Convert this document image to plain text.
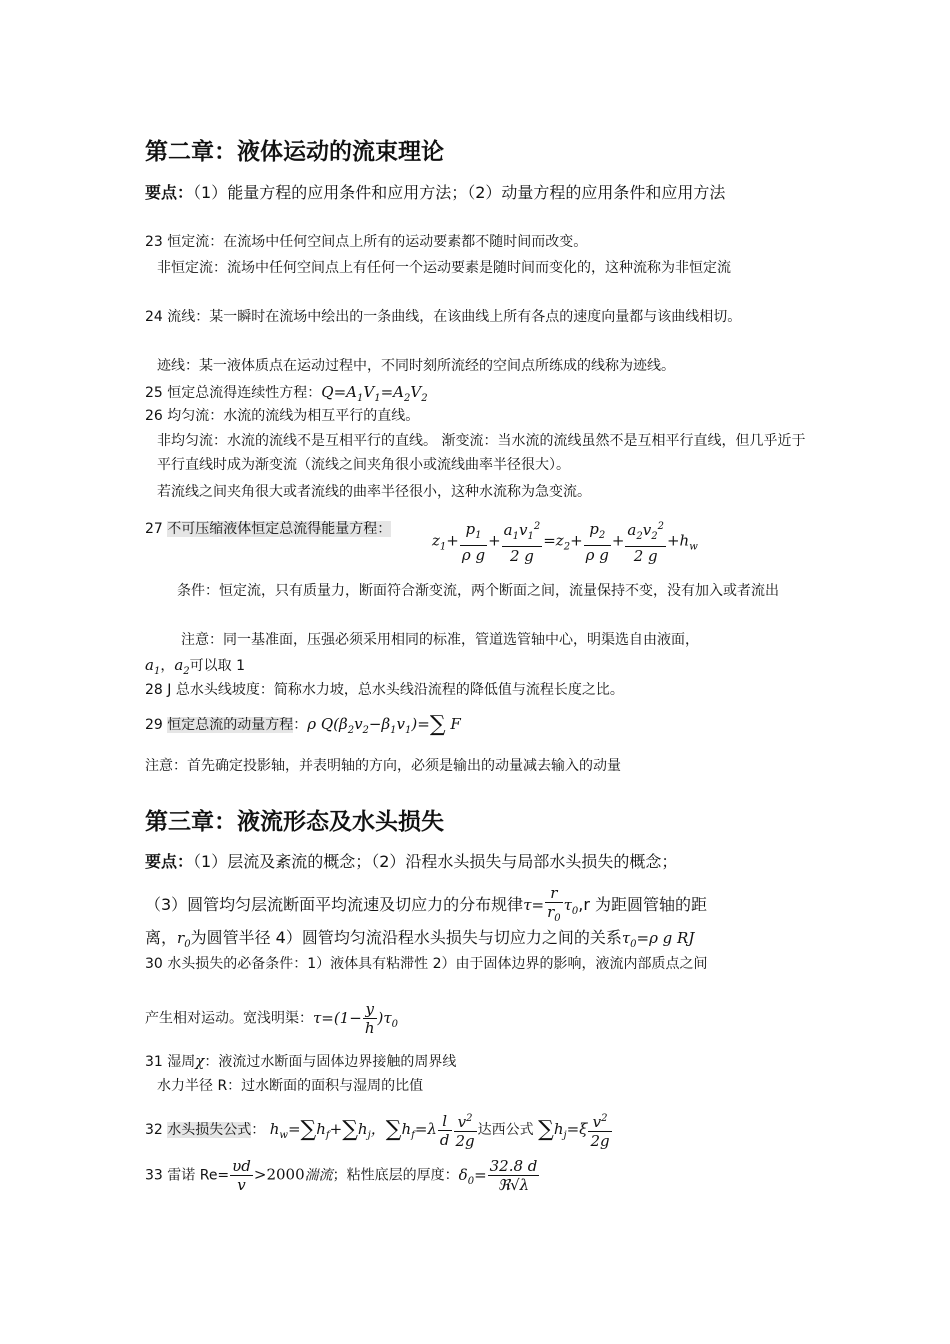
第二章：液体运动的流束理论
要点：（1）能量方程的应用条件和应用方法；（2）动量方程的应用条件和应用方法
23 恒定流：在流场中任何空间点上所有的运动要素都不随时间而改变。
非恒定流：流场中任何空间点上有任何一个运动要素是随时间而变化的，这种流称为非恒定流
24 流线：某一瞬时在流场中绘出的一条曲线，在该曲线上所有各点的速度向量都与该曲线相切。
迹线：某一液体质点在运动过程中，不同时刻所流经的空间点所练成的线称为迹线。
25 恒定总流得连续性方程：$Q=A_1V_1=A_2V_2$
26 均匀流：水流的流线为相互平行的直线。
非均匀流：水流的流线不是互相平行的直线。 渐变流：当水流的流线虽然不是互相平行直线，但几乎近于平行直线时成为渐变流（流线之间夹角很小或流线曲率半径很大）。
若流线之间夹角很大或者流线的曲率半径很小，这种水流称为急变流。
27 不可压缩液体恒定总流得能量方程：
$z_1+ \frac{p_1}{\text{ρ g}} + \frac{a_1v_1^2}{2 g} =z_2+ \frac{p_2}{\text{ρ g}} + \frac{a_2v_2^2}{2 g} +h_w$
条件：恒定流，只有质量力，断面符合渐变流，两个断面之间，流量保持不变，没有加入或者流出
注意：同一基准面，压强必须采用相同的标准，管道选管轴中心，明渠选自由液面，
$a_1$，$a_2$可以取 1
28 J 总水头线坡度：简称水力坡，总水头线沿流程的降低值与流程长度之比。
29 恒定总流的动量方程：ρ $Q(\beta_2v_2-\beta_1v_1)=\sum$ F
注意：首先确定投影轴，并表明轴的方向，必须是输出的动量减去输入的动量
第三章：液流形态及水头损失
要点：（1）层流及紊流的概念；（2）沿程水头损失与局部水头损失的概念；
（3）圆管均匀层流断面平均流速及切应力的分布规律$\tau= \frac{r}{r_0} \tau_0,r$ 为距圆管轴的距
离，$r_0$为圆管半径 4）圆管均匀流沿程水头损失与切应力之间的关系$\tau_0=\rho$ g RJ
30 水头损失的必备条件：1）液体具有粘滞性 2）由于固体边界的影响，液流内部质点之间
产生相对运动。宽浅明渠：$\tau=(1- \frac{y}{h} )\tau_0$
31 湿周χ：液流过水断面与固体边界接触的周界线
水力半径 R：过水断面的面积与湿周的比值
32 水头损失公式： $h_w=\sum h_f+\sum h_j$，$\sum h_f=\lambda \frac{l}{d} \frac{v^2}{2g}$ 达西公式 $\sum h_j=\xi \frac{v^2}{2g}$
33 雷诺 $Re= \frac{\upsilon d}{v} >2000$湍流；粘性底层的厚度：$\delta_0= \frac{32.8 d}{\text{ℜ√λ}}$
